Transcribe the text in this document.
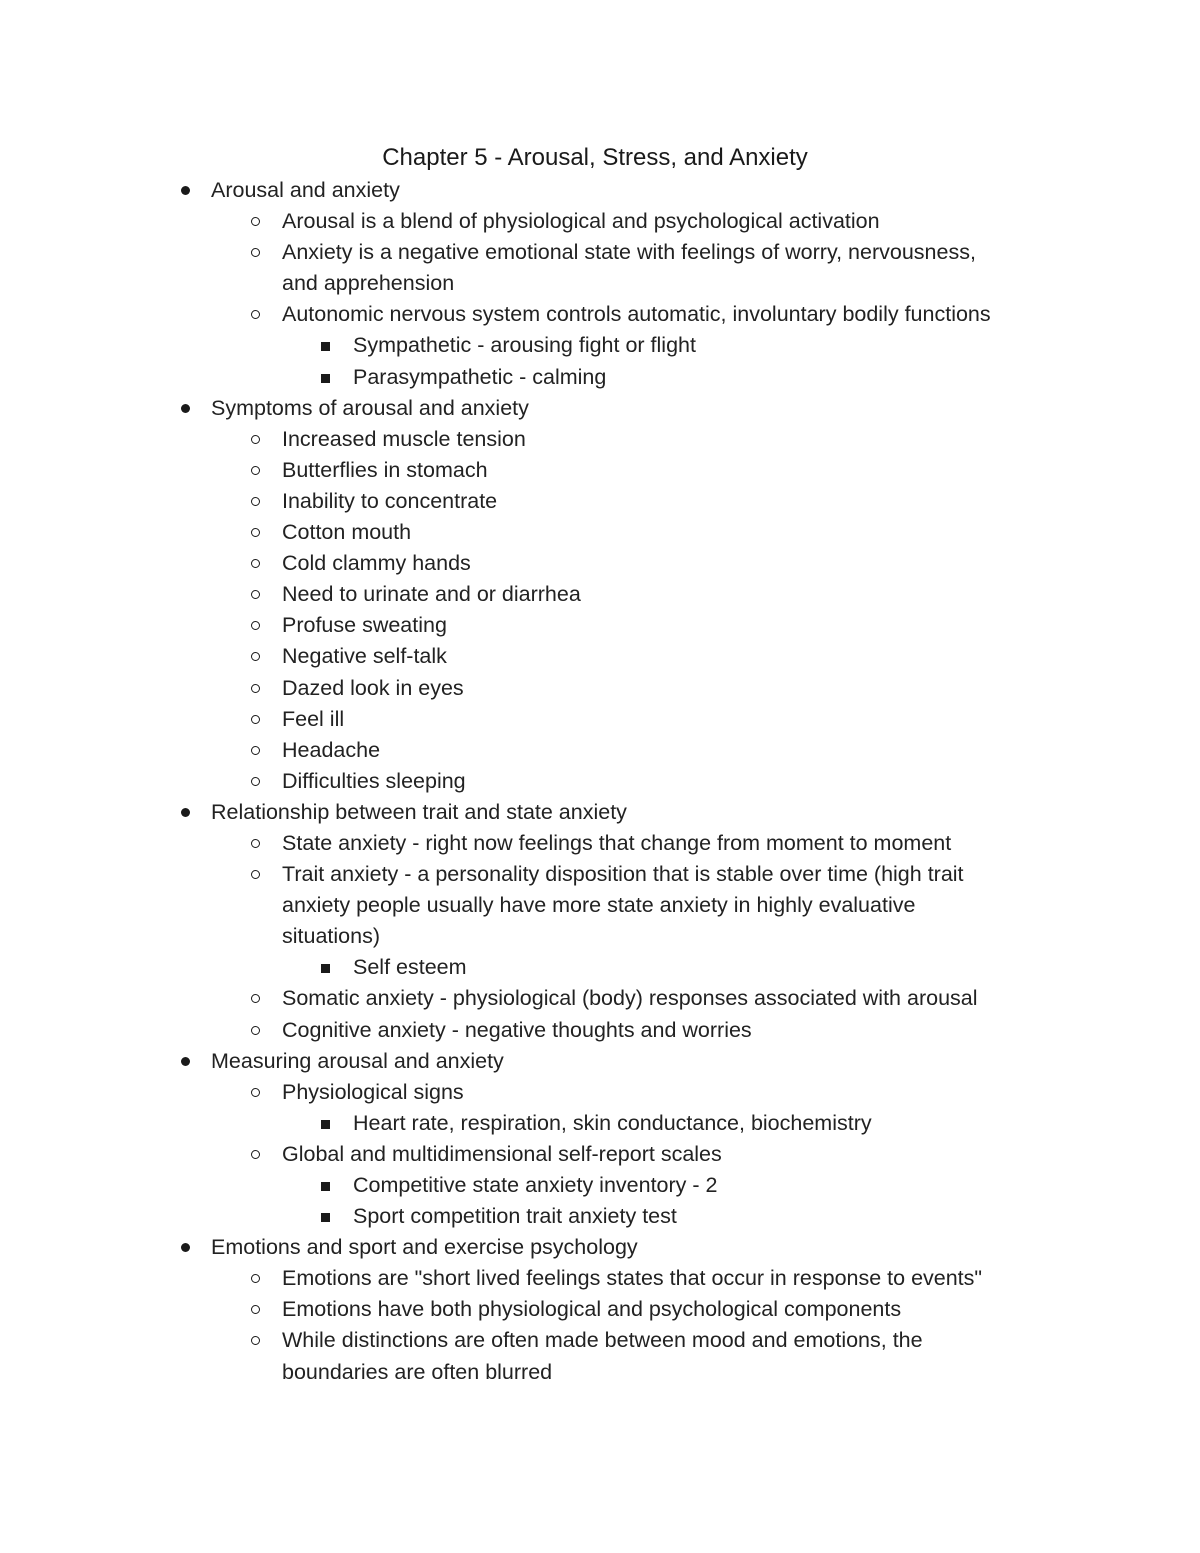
Chapter 5 - Arousal, Stress, and Anxiety
Arousal and anxiety
Arousal is a blend of physiological and psychological activation
Anxiety is a negative emotional state with feelings of worry, nervousness,
and apprehension
Autonomic nervous system controls automatic, involuntary bodily functions
Sympathetic - arousing fight or flight
Parasympathetic - calming
Symptoms of arousal and anxiety
Increased muscle tension
Butterflies in stomach
Inability to concentrate
Cotton mouth
Cold clammy hands
Need to urinate and or diarrhea
Profuse sweating
Negative self-talk
Dazed look in eyes
Feel ill
Headache
Difficulties sleeping
Relationship between trait and state anxiety
State anxiety - right now feelings that change from moment to moment
Trait anxiety - a personality disposition that is stable over time (high trait
anxiety people usually have more state anxiety in highly evaluative
situations)
Self esteem
Somatic anxiety - physiological (body) responses associated with arousal
Cognitive anxiety - negative thoughts and worries
Measuring arousal and anxiety
Physiological signs
Heart rate, respiration, skin conductance, biochemistry
Global and multidimensional self-report scales
Competitive state anxiety inventory - 2
Sport competition trait anxiety test
Emotions and sport and exercise psychology
Emotions are "short lived feelings states that occur in response to events"
Emotions have both physiological and psychological components
While distinctions are often made between mood and emotions, the
boundaries are often blurred
